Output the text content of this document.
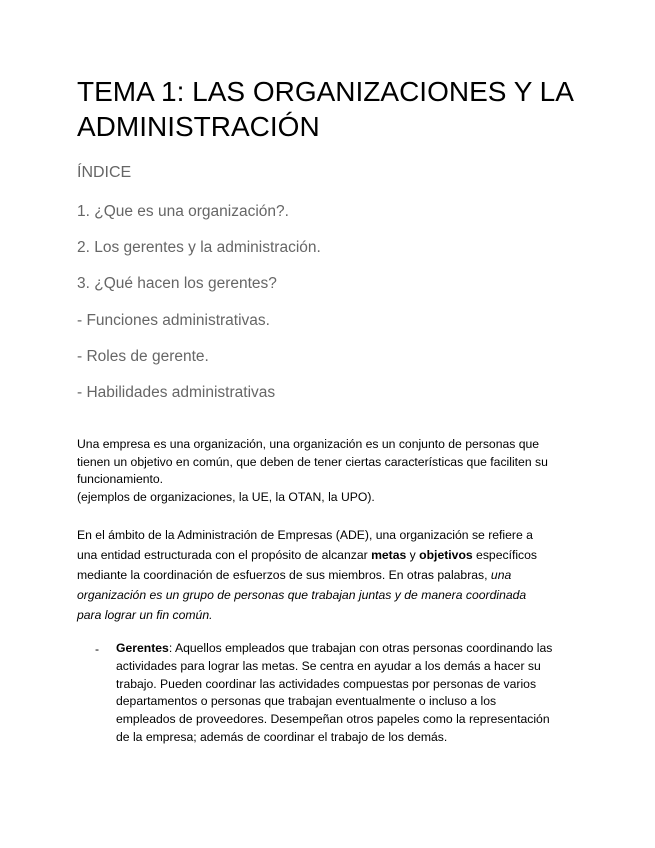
TEMA 1: LAS ORGANIZACIONES Y LA
ADMINISTRACIÓN
ÍNDICE
1. ¿Que es una organización?.
2. Los gerentes y la administración.
3. ¿Qué hacen los gerentes?
- Funciones administrativas.
- Roles de gerente.
- Habilidades administrativas
Una empresa es una organización, una organización es un conjunto de personas que
tienen un objetivo en común, que deben de tener ciertas características que faciliten su
funcionamiento.
(ejemplos de organizaciones, la UE, la OTAN, la UPO).
En el ámbito de la Administración de Empresas (ADE), una organización se refiere a
una entidad estructurada con el propósito de alcanzar metas y objetivos específicos
mediante la coordinación de esfuerzos de sus miembros. En otras palabras, una
organización es un grupo de personas que trabajan juntas y de manera coordinada
para lograr un fin común.
- Gerentes: Aquellos empleados que trabajan con otras personas coordinando las
actividades para lograr las metas. Se centra en ayudar a los demás a hacer su
trabajo. Pueden coordinar las actividades compuestas por personas de varios
departamentos o personas que trabajan eventualmente o incluso a los
empleados de proveedores. Desempeñan otros papeles como la representación
de la empresa; además de coordinar el trabajo de los demás.
